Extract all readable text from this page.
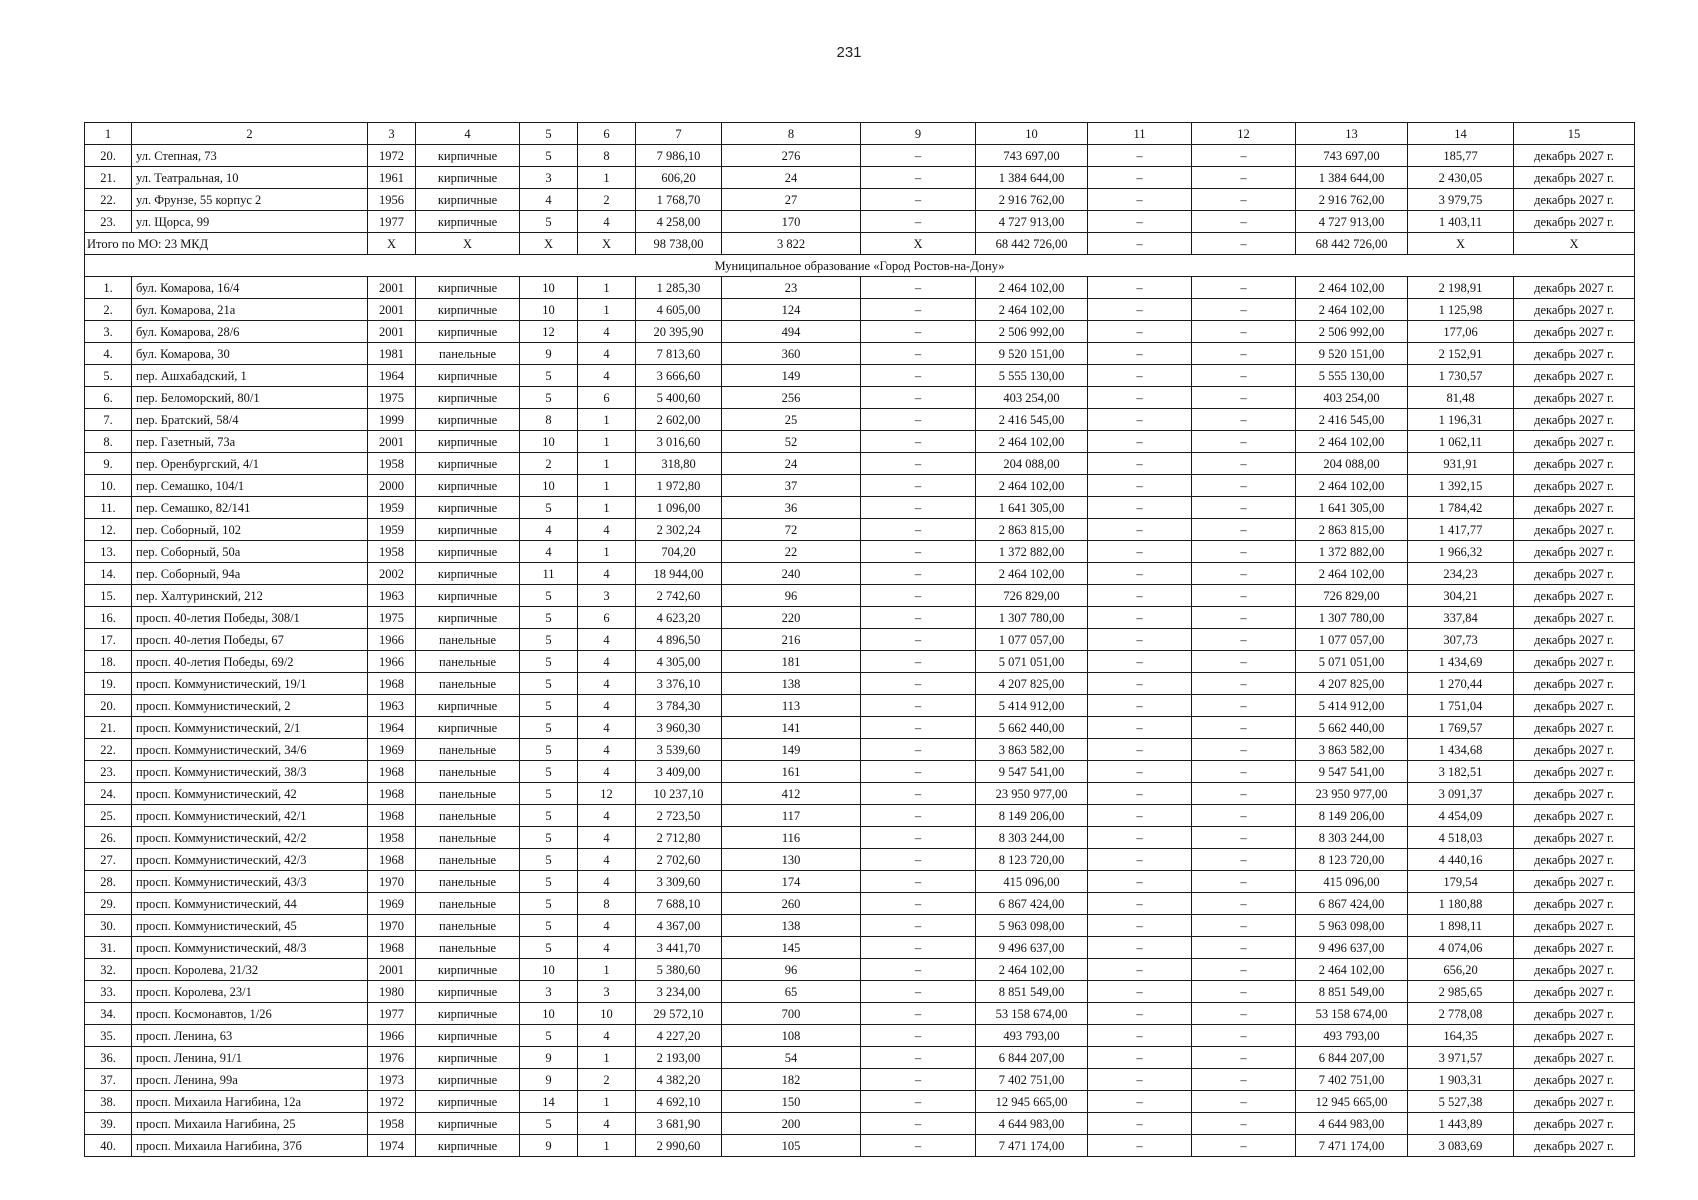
231
1	2	3	4	5	6	7	8	9	10	11	12	13	14	15
20.	ул. Степная, 73	1972	кирпичные	5	8	7 986,10	276	–	743 697,00	–	–	743 697,00	185,77	декабрь 2027 г.
21.	ул. Театральная, 10	1961	кирпичные	3	1	606,20	24	–	1 384 644,00	–	–	1 384 644,00	2 430,05	декабрь 2027 г.
22.	ул. Фрунзе, 55 корпус 2	1956	кирпичные	4	2	1 768,70	27	–	2 916 762,00	–	–	2 916 762,00	3 979,75	декабрь 2027 г.
23.	ул. Щорса, 99	1977	кирпичные	5	4	4 258,00	170	–	4 727 913,00	–	–	4 727 913,00	1 403,11	декабрь 2027 г.
Итого по МО: 23 МКД		X	X	X	X	98 738,00	3 822	X	68 442 726,00	–	–	68 442 726,00	X	X
Муниципальное образование «Город Ростов-на-Дону»														
1.	бул. Комарова, 16/4	2001	кирпичные	10	1	1 285,30	23	–	2 464 102,00	–	–	2 464 102,00	2 198,91	декабрь 2027 г.
2.	бул. Комарова, 21а	2001	кирпичные	10	1	4 605,00	124	–	2 464 102,00	–	–	2 464 102,00	1 125,98	декабрь 2027 г.
3.	бул. Комарова, 28/6	2001	кирпичные	12	4	20 395,90	494	–	2 506 992,00	–	–	2 506 992,00	177,06	декабрь 2027 г.
4.	бул. Комарова, 30	1981	панельные	9	4	7 813,60	360	–	9 520 151,00	–	–	9 520 151,00	2 152,91	декабрь 2027 г.
5.	пер. Ашхабадский, 1	1964	кирпичные	5	4	3 666,60	149	–	5 555 130,00	–	–	5 555 130,00	1 730,57	декабрь 2027 г.
6.	пер. Беломорский, 80/1	1975	кирпичные	5	6	5 400,60	256	–	403 254,00	–	–	403 254,00	81,48	декабрь 2027 г.
7.	пер. Братский, 58/4	1999	кирпичные	8	1	2 602,00	25	–	2 416 545,00	–	–	2 416 545,00	1 196,31	декабрь 2027 г.
8.	пер. Газетный, 73а	2001	кирпичные	10	1	3 016,60	52	–	2 464 102,00	–	–	2 464 102,00	1 062,11	декабрь 2027 г.
9.	пер. Оренбургский, 4/1	1958	кирпичные	2	1	318,80	24	–	204 088,00	–	–	204 088,00	931,91	декабрь 2027 г.
10.	пер. Семашко, 104/1	2000	кирпичные	10	1	1 972,80	37	–	2 464 102,00	–	–	2 464 102,00	1 392,15	декабрь 2027 г.
11.	пер. Семашко, 82/141	1959	кирпичные	5	1	1 096,00	36	–	1 641 305,00	–	–	1 641 305,00	1 784,42	декабрь 2027 г.
12.	пер. Соборный, 102	1959	кирпичные	4	4	2 302,24	72	–	2 863 815,00	–	–	2 863 815,00	1 417,77	декабрь 2027 г.
13.	пер. Соборный, 50а	1958	кирпичные	4	1	704,20	22	–	1 372 882,00	–	–	1 372 882,00	1 966,32	декабрь 2027 г.
14.	пер. Соборный, 94а	2002	кирпичные	11	4	18 944,00	240	–	2 464 102,00	–	–	2 464 102,00	234,23	декабрь 2027 г.
15.	пер. Халтуринский, 212	1963	кирпичные	5	3	2 742,60	96	–	726 829,00	–	–	726 829,00	304,21	декабрь 2027 г.
16.	просп. 40-летия Победы, 308/1	1975	кирпичные	5	6	4 623,20	220	–	1 307 780,00	–	–	1 307 780,00	337,84	декабрь 2027 г.
17.	просп. 40-летия Победы, 67	1966	панельные	5	4	4 896,50	216	–	1 077 057,00	–	–	1 077 057,00	307,73	декабрь 2027 г.
18.	просп. 40-летия Победы, 69/2	1966	панельные	5	4	4 305,00	181	–	5 071 051,00	–	–	5 071 051,00	1 434,69	декабрь 2027 г.
19.	просп. Коммунистический, 19/1	1968	панельные	5	4	3 376,10	138	–	4 207 825,00	–	–	4 207 825,00	1 270,44	декабрь 2027 г.
20.	просп. Коммунистический, 2	1963	кирпичные	5	4	3 784,30	113	–	5 414 912,00	–	–	5 414 912,00	1 751,04	декабрь 2027 г.
21.	просп. Коммунистический, 2/1	1964	кирпичные	5	4	3 960,30	141	–	5 662 440,00	–	–	5 662 440,00	1 769,57	декабрь 2027 г.
22.	просп. Коммунистический, 34/6	1969	панельные	5	4	3 539,60	149	–	3 863 582,00	–	–	3 863 582,00	1 434,68	декабрь 2027 г.
23.	просп. Коммунистический, 38/3	1968	панельные	5	4	3 409,00	161	–	9 547 541,00	–	–	9 547 541,00	3 182,51	декабрь 2027 г.
24.	просп. Коммунистический, 42	1968	панельные	5	12	10 237,10	412	–	23 950 977,00	–	–	23 950 977,00	3 091,37	декабрь 2027 г.
25.	просп. Коммунистический, 42/1	1968	панельные	5	4	2 723,50	117	–	8 149 206,00	–	–	8 149 206,00	4 454,09	декабрь 2027 г.
26.	просп. Коммунистический, 42/2	1958	панельные	5	4	2 712,80	116	–	8 303 244,00	–	–	8 303 244,00	4 518,03	декабрь 2027 г.
27.	просп. Коммунистический, 42/3	1968	панельные	5	4	2 702,60	130	–	8 123 720,00	–	–	8 123 720,00	4 440,16	декабрь 2027 г.
28.	просп. Коммунистический, 43/3	1970	панельные	5	4	3 309,60	174	–	415 096,00	–	–	415 096,00	179,54	декабрь 2027 г.
29.	просп. Коммунистический, 44	1969	панельные	5	8	7 688,10	260	–	6 867 424,00	–	–	6 867 424,00	1 180,88	декабрь 2027 г.
30.	просп. Коммунистический, 45	1970	панельные	5	4	4 367,00	138	–	5 963 098,00	–	–	5 963 098,00	1 898,11	декабрь 2027 г.
31.	просп. Коммунистический, 48/3	1968	панельные	5	4	3 441,70	145	–	9 496 637,00	–	–	9 496 637,00	4 074,06	декабрь 2027 г.
32.	просп. Королева, 21/32	2001	кирпичные	10	1	5 380,60	96	–	2 464 102,00	–	–	2 464 102,00	656,20	декабрь 2027 г.
33.	просп. Королева, 23/1	1980	кирпичные	3	3	3 234,00	65	–	8 851 549,00	–	–	8 851 549,00	2 985,65	декабрь 2027 г.
34.	просп. Космонавтов, 1/26	1977	кирпичные	10	10	29 572,10	700	–	53 158 674,00	–	–	53 158 674,00	2 778,08	декабрь 2027 г.
35.	просп. Ленина, 63	1966	кирпичные	5	4	4 227,20	108	–	493 793,00	–	–	493 793,00	164,35	декабрь 2027 г.
36.	просп. Ленина, 91/1	1976	кирпичные	9	1	2 193,00	54	–	6 844 207,00	–	–	6 844 207,00	3 971,57	декабрь 2027 г.
37.	просп. Ленина, 99а	1973	кирпичные	9	2	4 382,20	182	–	7 402 751,00	–	–	7 402 751,00	1 903,31	декабрь 2027 г.
38.	просп. Михаила Нагибина, 12а	1972	кирпичные	14	1	4 692,10	150	–	12 945 665,00	–	–	12 945 665,00	5 527,38	декабрь 2027 г.
39.	просп. Михаила Нагибина, 25	1958	кирпичные	5	4	3 681,90	200	–	4 644 983,00	–	–	4 644 983,00	1 443,89	декабрь 2027 г.
40.	просп. Михаила Нагибина, 37б	1974	кирпичные	9	1	2 990,60	105	–	7 471 174,00	–	–	7 471 174,00	3 083,69	декабрь 2027 г.
